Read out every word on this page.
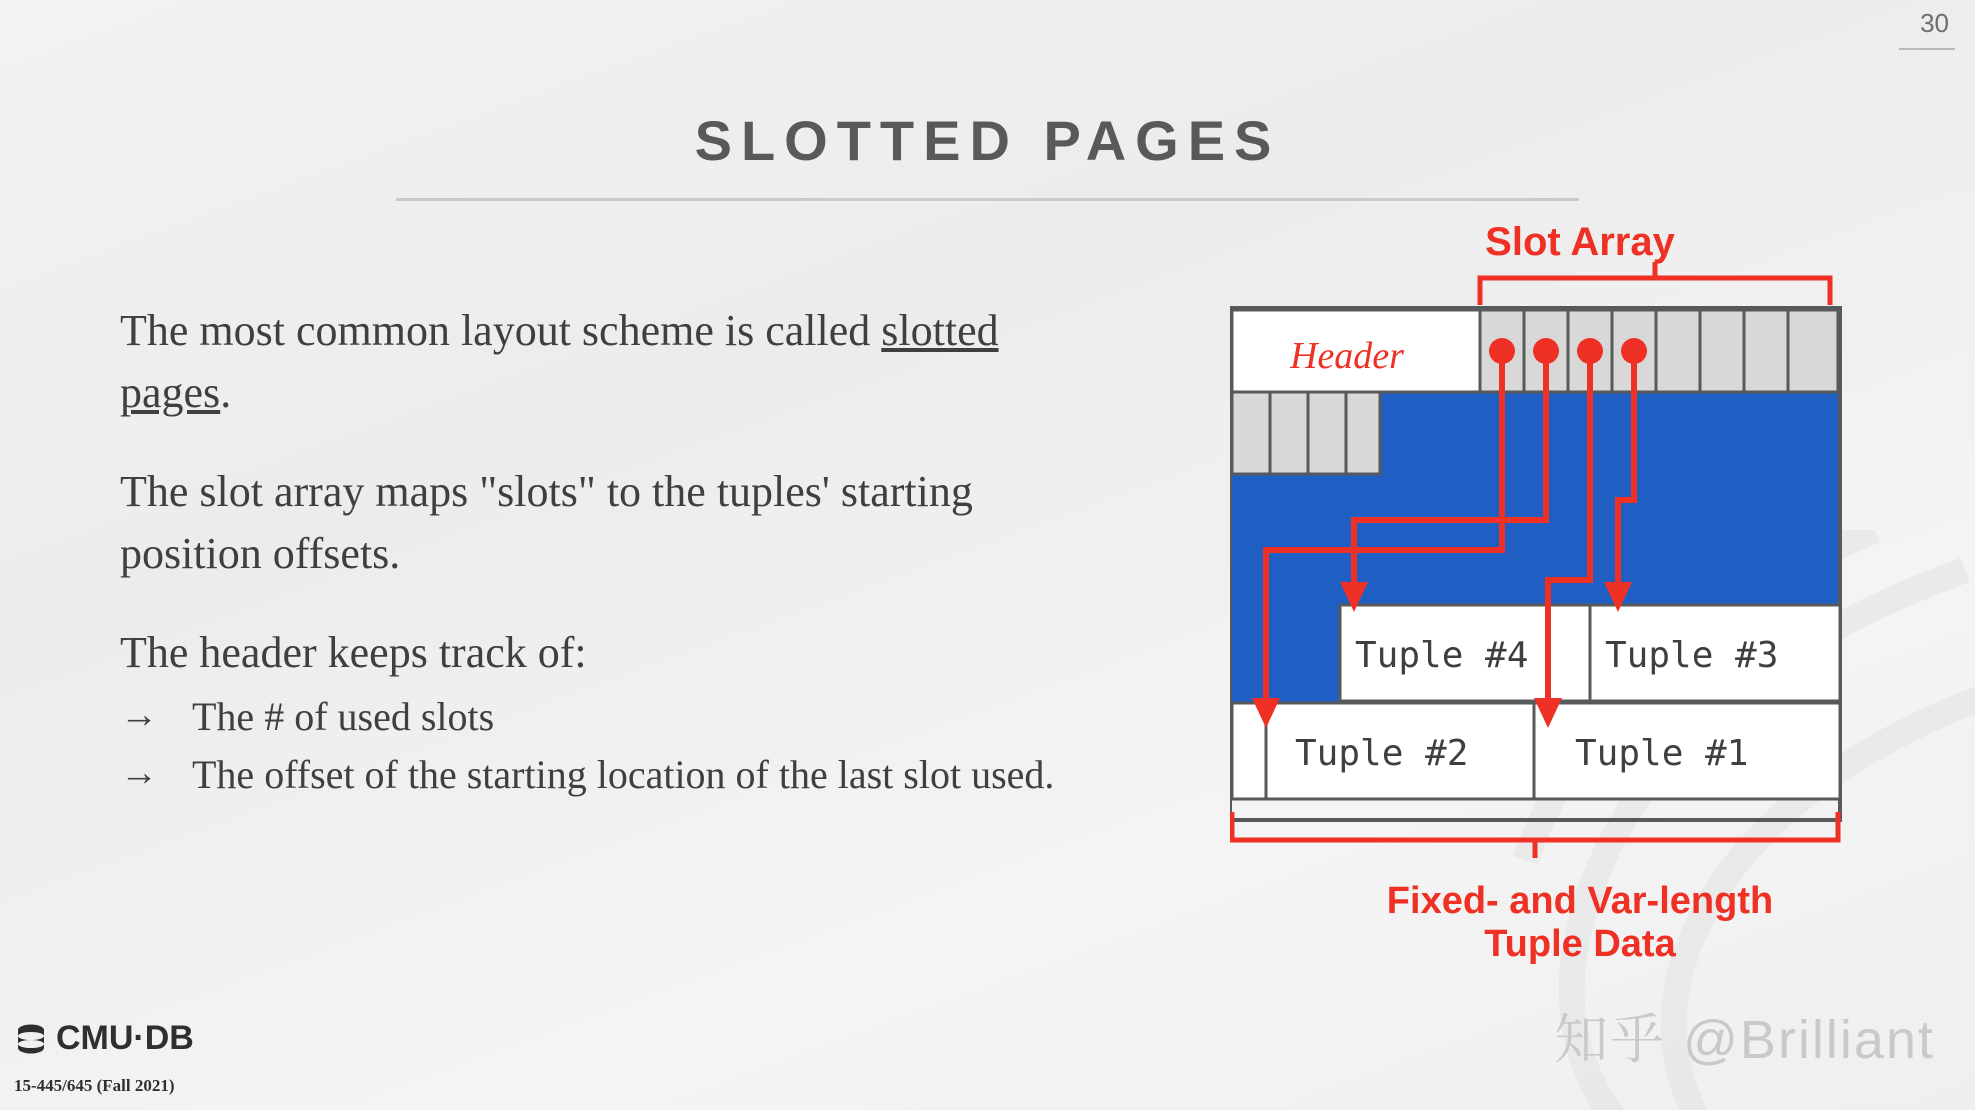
30
SLOTTED PAGES
The most common layout scheme is called slotted pages.
The slot array maps "slots" to the tuples' starting position offsets.
The header keeps track of:
→ The # of used slots
→ The offset of the starting location of the last slot used.
CMU·DB
15-445/645 (Fall 2021)
Slot Array
Header
Tuple #4 Tuple #3
Tuple #2	Tuple #1
Fixed- and Var-length
Tuple Data
知乎 @Brilliant
